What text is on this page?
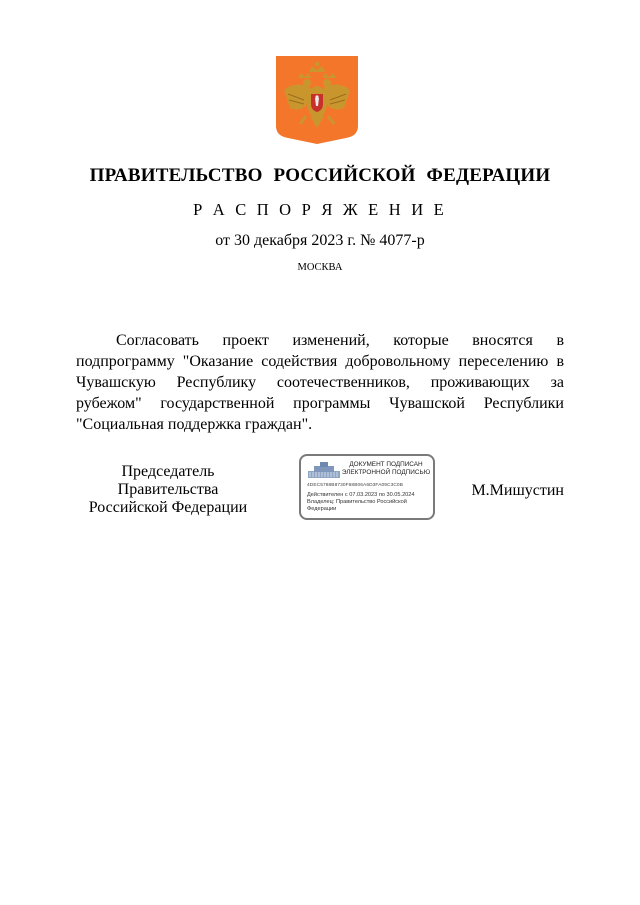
ПРАВИТЕЛЬСТВО РОССИЙСКОЙ ФЕДЕРАЦИИ
Р А С П О Р Я Ж Е Н И Е
от 30 декабря 2023 г. № 4077-р
МОСКВА

Согласовать проект изменений, которые вносятся в подпрограмму "Оказание содействия добровольному переселению в Чувашскую Республику соотечественников, проживающих за рубежом" государственной программы Чувашской Республики "Социальная поддержка граждан".

Председатель Правительства
Российской Федерации
ДОКУМЕНТ ПОДПИСАН
ЭЛЕКТРОННОЙ ПОДПИСЬЮ
4DEC5788B8730F68B06A6D3FA09C3C0B
Действителен с 07.03.2023 по 30.05.2024
Владелец: Правительство Российской Федерации
М.Мишустин
